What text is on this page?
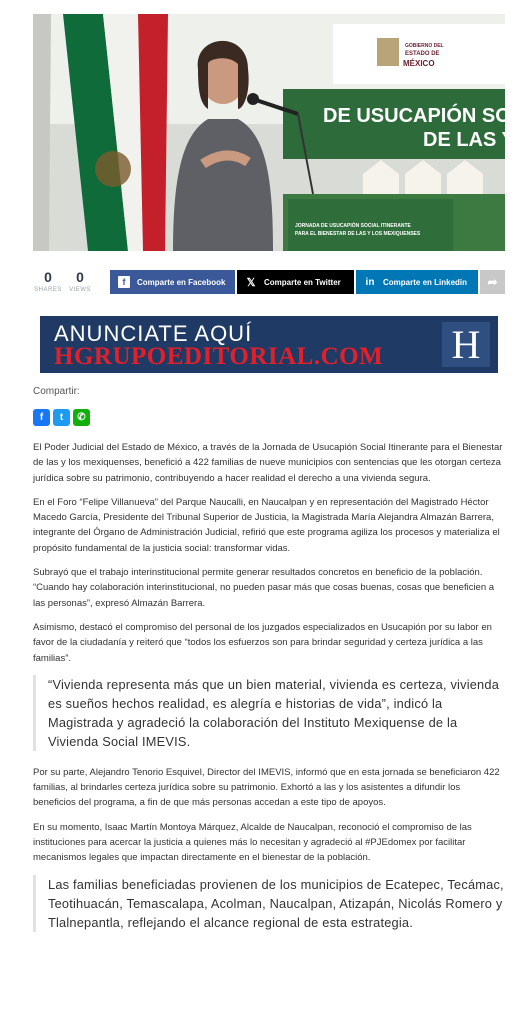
DE USUCAPIÓN SO
DE LAS Y
GOBIERNO DEL
ESTADO DE
MÉXICO
JORNADA DE USUCAPIÓN SOCIAL ITINERANTE
PARA EL BIENESTAR DE LAS Y LOS MEXIQUENSES
0
SHARES
0
VIEWS
f	Comparte en Facebook 𝕏 Comparte en Twitter in Comparte en Linkedin ➦
ANUNCIATE AQUÍ
HGRUPOEDITORIAL.COM H
Compartir:
f	t	✆

El Poder Judicial del Estado de México, a través de la Jornada de Usucapión Social Itinerante para el Bienestar de las y los mexiquenses, benefició a 422 familias de nueve municipios con sentencias que les otorgan certeza jurídica sobre su patrimonio, contribuyendo a hacer realidad el derecho a una vivienda segura.

En el Foro “Felipe Villanueva” del Parque Naucalli, en Naucalpan y en representación del Magistrado Héctor Macedo García, Presidente del Tribunal Superior de Justicia, la Magistrada María Alejandra Almazán Barrera, integrante del Órgano de Administración Judicial, refirió que este programa agiliza los procesos y materializa el propósito fundamental de la justicia social: transformar vidas.

Subrayó que el trabajo interinstitucional permite generar resultados concretos en beneficio de la población. “Cuando hay colaboración interinstitucional, no pueden pasar más que cosas buenas, cosas que beneficien a las personas”, expresó Almazán Barrera.

Asimismo, destacó el compromiso del personal de los juzgados especializados en Usucapión por su labor en favor de la ciudadanía y reiteró que “todos los esfuerzos son para brindar seguridad y certeza jurídica a las familias”.

“Vivienda representa más que un bien material, vivienda es certeza, vivienda es sueños hechos realidad, es alegría e historias de vida”, indicó la Magistrada y agradeció la colaboración del Instituto Mexiquense de la Vivienda Social IMEVIS.

Por su parte, Alejandro Tenorio Esquivel, Director del IMEVIS, informó que en esta jornada se beneficiaron 422 familias, al brindarles certeza jurídica sobre su patrimonio. Exhortó a las y los asistentes a difundir los beneficios del programa, a fin de que más personas accedan a este tipo de apoyos.

En su momento, Isaac Martín Montoya Márquez, Alcalde de Naucalpan, reconoció el compromiso de las instituciones para acercar la justicia a quienes más lo necesitan y agradeció al #PJEdomex por facilitar mecanismos legales que impactan directamente en el bienestar de la población.

Las familias beneficiadas provienen de los municipios de Ecatepec, Tecámac, Teotihuacán, Temascalapa, Acolman, Naucalpan, Atizapán, Nicolás Romero y Tlalnepantla, reflejando el alcance regional de esta estrategia.
